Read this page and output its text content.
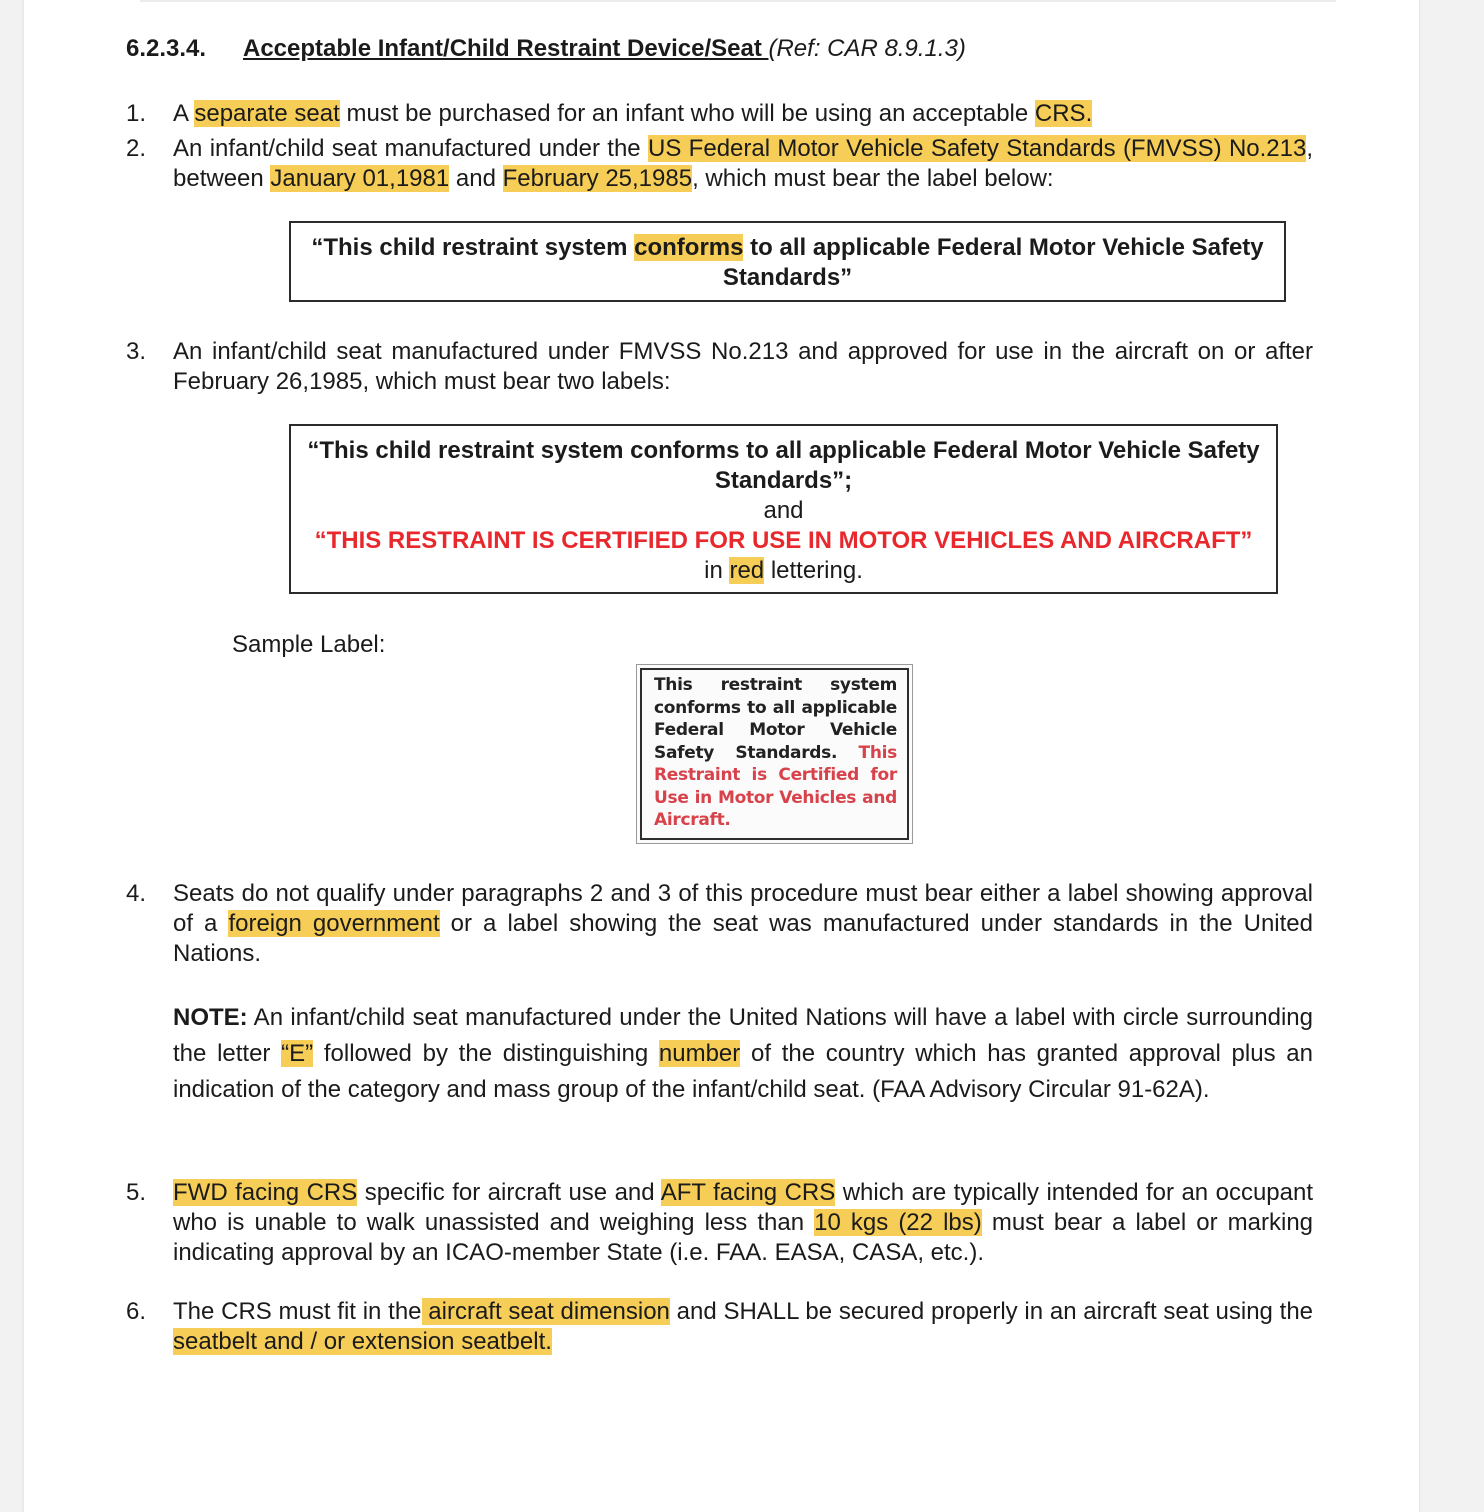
6.2.3.4. Acceptable Infant/Child Restraint Device/Seat (Ref: CAR 8.9.1.3)
1. A separate seat must be purchased for an infant who will be using an acceptable CRS.
2. An infant/child seat manufactured under the US Federal Motor Vehicle Safety Standards (FMVSS) No.213, between January 01,1981 and February 25,1985, which must bear the label below:
“This child restraint system conforms to all applicable Federal Motor Vehicle Safety Standards”
3. An infant/child seat manufactured under FMVSS No.213 and approved for use in the aircraft on or after February 26,1985, which must bear two labels:
“This child restraint system conforms to all applicable Federal Motor Vehicle Safety Standards”;
and
“THIS RESTRAINT IS CERTIFIED FOR USE IN MOTOR VEHICLES AND AIRCRAFT” in red lettering.
Sample Label:
This restraint system conforms to all applicable Federal Motor Vehicle Safety Standards. This Restraint is Certified for Use in Motor Vehicles and Aircraft.
4. Seats do not qualify under paragraphs 2 and 3 of this procedure must bear either a label showing approval of a foreign government or a label showing the seat was manufactured under standards in the United Nations.
NOTE: An infant/child seat manufactured under the United Nations will have a label with circle surrounding the letter “E” followed by the distinguishing number of the country which has granted approval plus an indication of the category and mass group of the infant/child seat. (FAA Advisory Circular 91-62A).
5. FWD facing CRS specific for aircraft use and AFT facing CRS which are typically intended for an occupant who is unable to walk unassisted and weighing less than 10 kgs (22 lbs) must bear a label or marking indicating approval by an ICAO-member State (i.e. FAA. EASA, CASA, etc.).
6. The CRS must fit in the aircraft seat dimension and SHALL be secured properly in an aircraft seat using the seatbelt and / or extension seatbelt.
